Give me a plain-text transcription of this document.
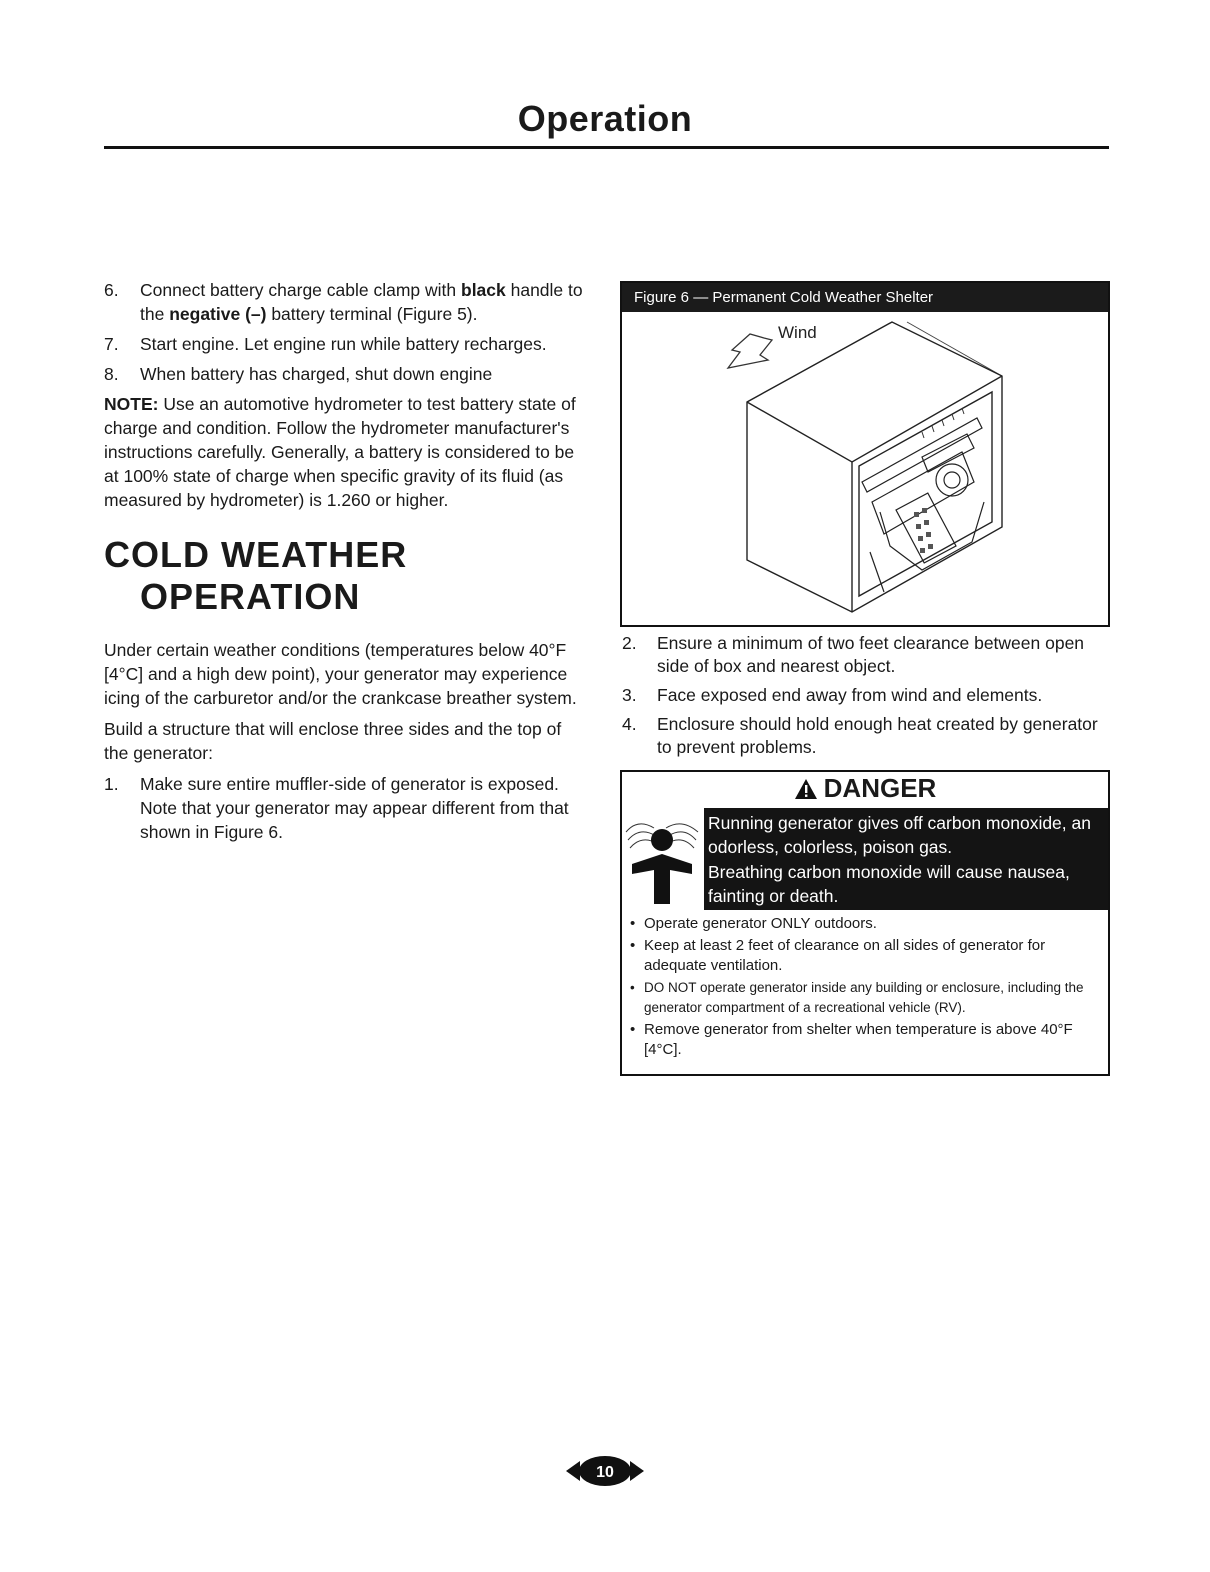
Operation
6. Connect battery charge cable clamp with black handle to the negative (–) battery terminal (Figure 5).
7. Start engine. Let engine run while battery recharges.
8. When battery has charged, shut down engine

NOTE: Use an automotive hydrometer to test battery state of charge and condition. Follow the hydrometer manufacturer's instructions carefully. Generally, a battery is considered to be at 100% state of charge when specific gravity of its fluid (as measured by hydrometer) is 1.260 or higher.

COLD WEATHER
OPERATION

Under certain weather conditions (temperatures below 40°F [4°C] and a high dew point), your generator may experience icing of the carburetor and/or the crankcase breather system.

Build a structure that will enclose three sides and the top of the generator:

1. Make sure entire muffler-side of generator is exposed. Note that your generator may appear different from that shown in Figure 6.
Figure 6 — Permanent Cold Weather Shelter
Wind
2. Ensure a minimum of two feet clearance between open side of box and nearest object.
3. Face exposed end away from wind and elements.
4. Enclosure should hold enough heat created by generator to prevent problems.
DANGER
Running generator gives off carbon monoxide, an odorless, colorless, poison gas.
Breathing carbon monoxide will cause nausea, fainting or death.
• Operate generator ONLY outdoors.
• Keep at least 2 feet of clearance on all sides of generator for adequate ventilation.
• DO NOT operate generator inside any building or enclosure, including the generator compartment of a recreational vehicle (RV).
• Remove generator from shelter when temperature is above 40°F [4°C].
10
